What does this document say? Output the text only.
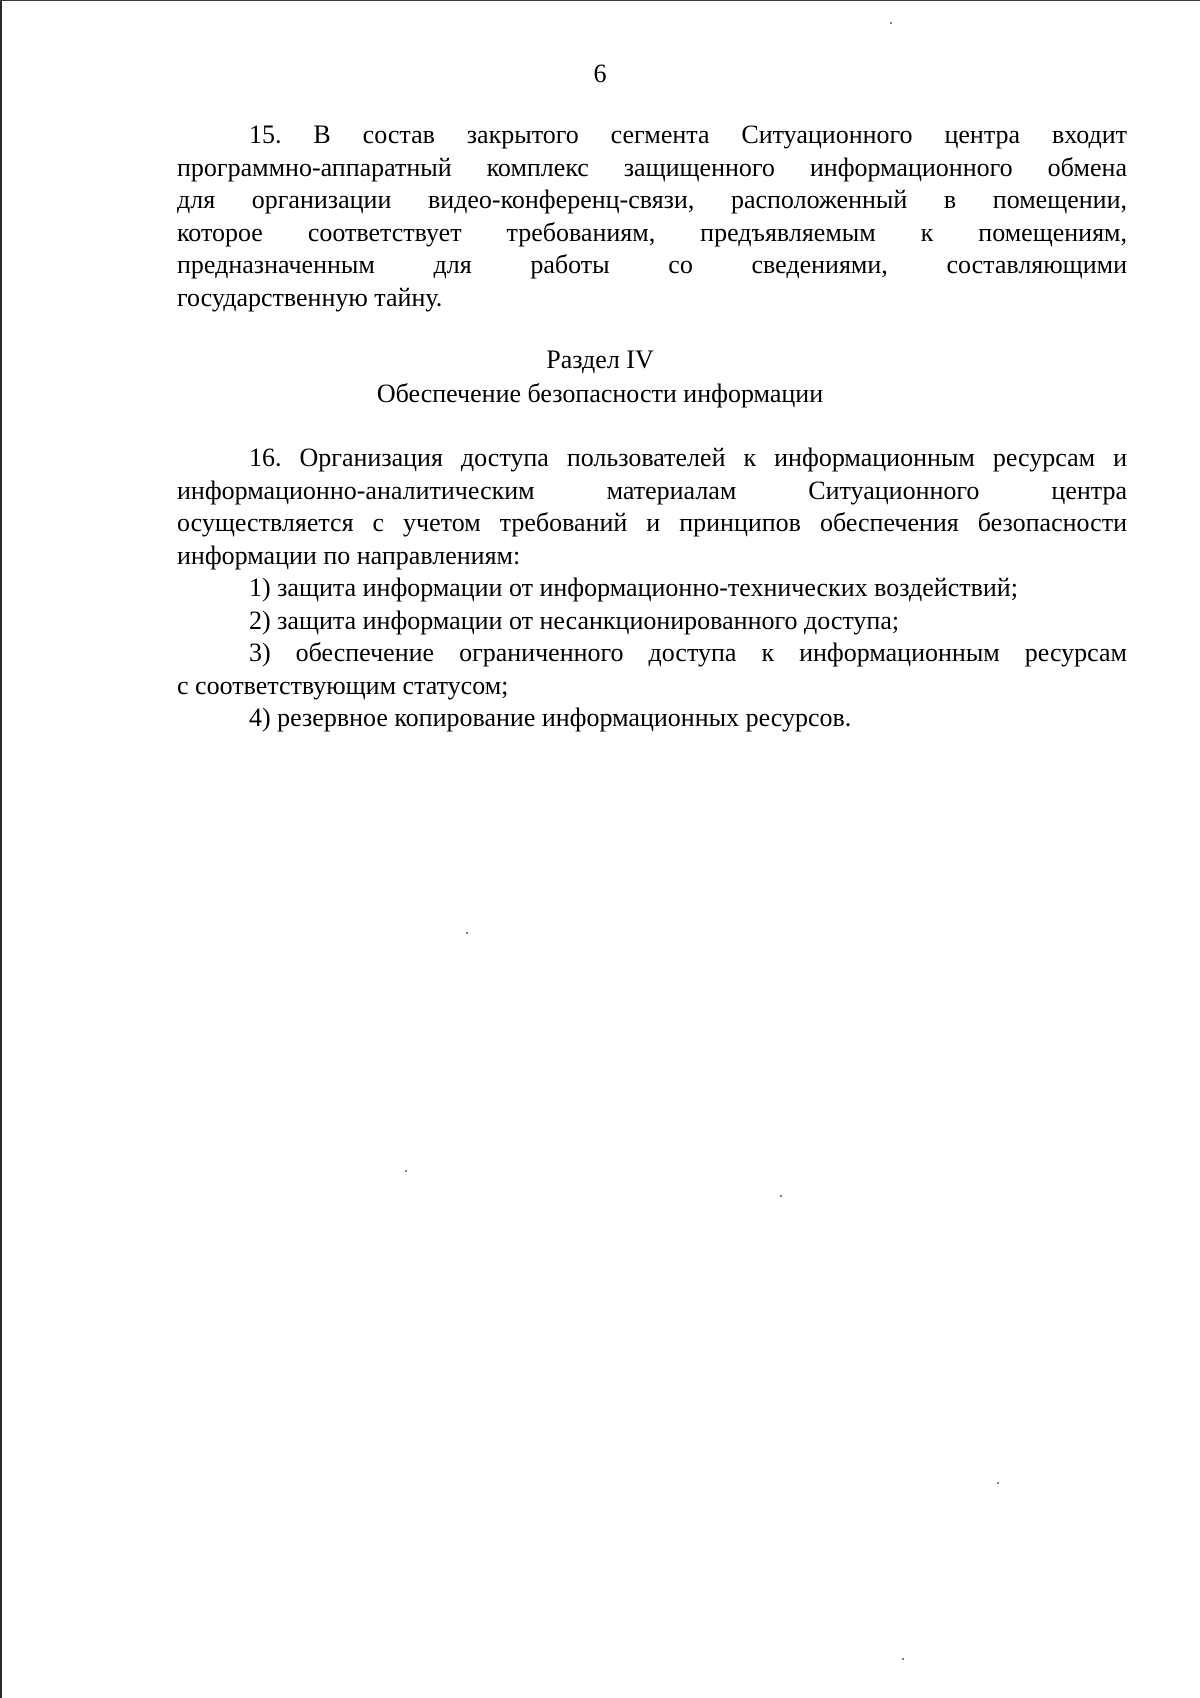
6
15. В состав закрытого сегмента Ситуационного центра входит
программно-аппаратный комплекс защищенного информационного обмена
для организации видео-конференц-связи, расположенный в помещении,
которое соответствует требованиям, предъявляемым к помещениям,
предназначенным для работы со сведениями, составляющими
государственную тайну.
Раздел IV
Обеспечение безопасности информации
16. Организация доступа пользователей к информационным ресурсам и
информационно-аналитическим материалам Ситуационного центра
осуществляется с учетом требований и принципов обеспечения безопасности
информации по направлениям:
1) защита информации от информационно-технических воздействий;
2) защита информации от несанкционированного доступа;
3) обеспечение ограниченного доступа к информационным ресурсам
с соответствующим статусом;
4) резервное копирование информационных ресурсов.
